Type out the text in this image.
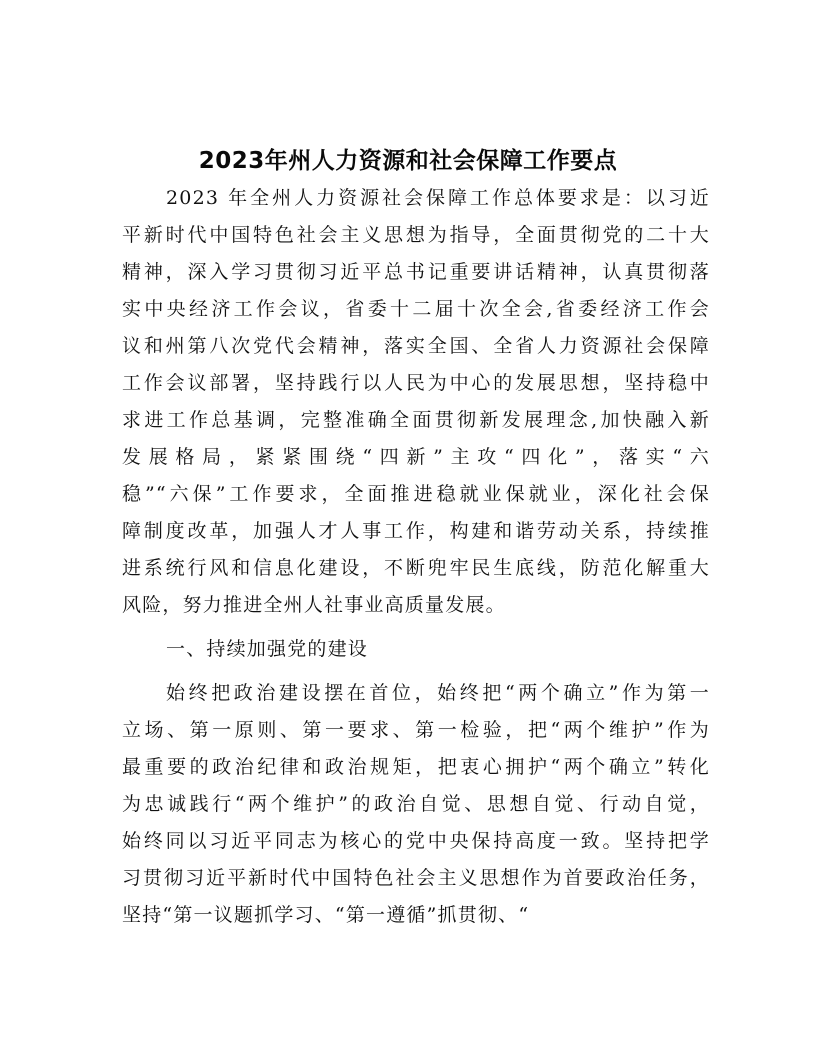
2023年州人力资源和社会保障工作要点
2023 年全州人力资源社会保障工作总体要求是：以习近
平新时代中国特色社会主义思想为指导，全面贯彻党的二十大
精神，深入学习贯彻习近平总书记重要讲话精神，认真贯彻落
实中央经济工作会议，省委十二届十次全会,省委经济工作会
议和州第八次党代会精神，落实全国、全省人力资源社会保障
工作会议部署，坚持践行以人民为中心的发展思想，坚持稳中
求进工作总基调，完整准确全面贯彻新发展理念,加快融入新
发展格局，紧紧围绕“四新”主攻“四化”，落实“六
稳”“六保”工作要求，全面推进稳就业保就业，深化社会保
障制度改革，加强人才人事工作，构建和谐劳动关系，持续推
进系统行风和信息化建设，不断兜牢民生底线，防范化解重大
风险，努力推进全州人社事业高质量发展。
一、持续加强党的建设
始终把政治建设摆在首位，始终把“两个确立”作为第一
立场、第一原则、第一要求、第一检验，把“两个维护”作为
最重要的政治纪律和政治规矩，把衷心拥护“两个确立”转化
为忠诚践行“两个维护”的政治自觉、思想自觉、行动自觉，
始终同以习近平同志为核心的党中央保持高度一致。坚持把学
习贯彻习近平新时代中国特色社会主义思想作为首要政治任务，
坚持“第一议题抓学习、“第一遵循”抓贯彻、“
